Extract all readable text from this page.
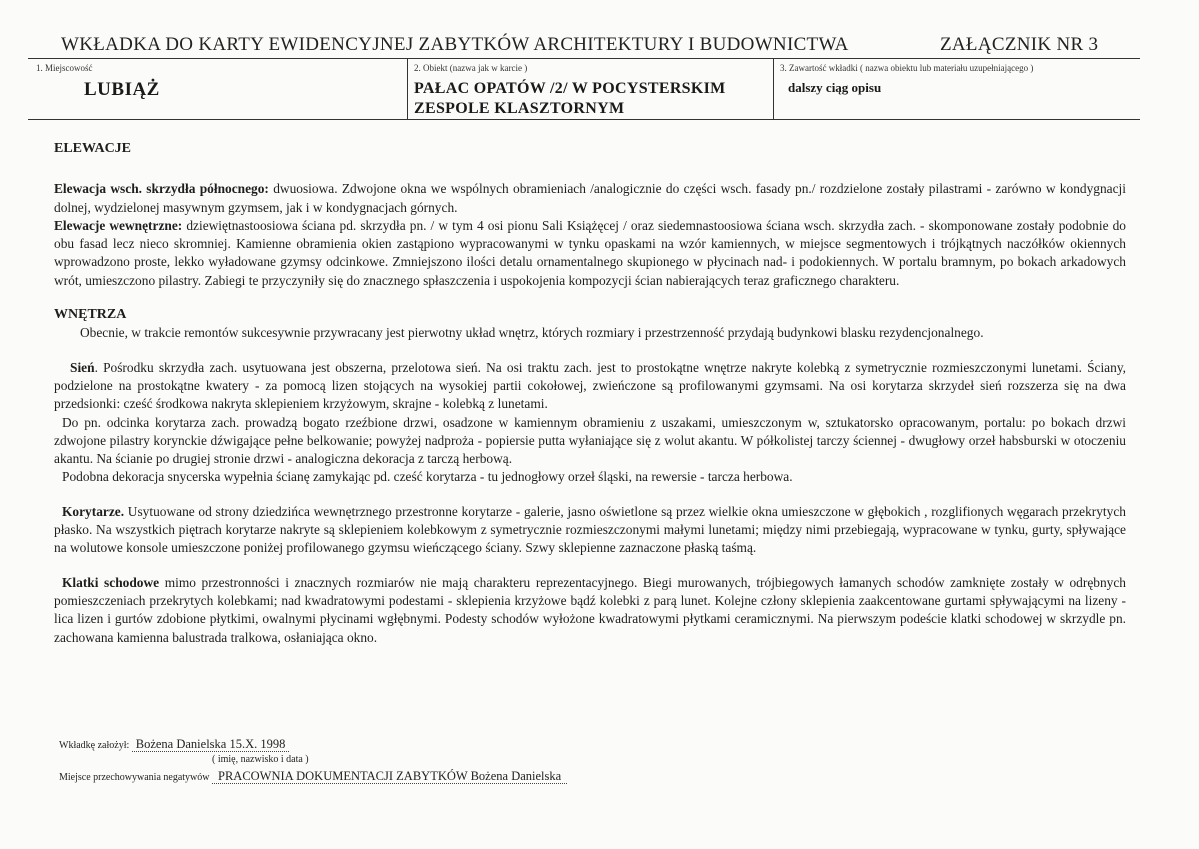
WKŁADKA DO KARTY EWIDENCYJNEJ ZABYTKÓW ARCHITEKTURY I BUDOWNICTWA	ZAŁĄCZNIK NR 3
1. Miejscowość
LUBIĄŻ
2. Obiekt (nazwa jak w karcie )
PAŁAC OPATÓW /2/ W POCYSTERSKIM
ZESPOLE KLASZTORNYM
3. Zawartość wkładki ( nazwa obiektu lub materiału uzupełniającego )
dalszy ciąg opisu

ELEWACJE

Elewacja wsch. skrzydła północnego: dwuosiowa. Zdwojone okna we wspólnych obramieniach /analogicznie do części wsch. fasady pn./ rozdzielone zostały pilastrami - zarówno w kondygnacji dolnej, wydzielonej masywnym gzymsem, jak i w kondygnacjach górnych.

Elewacje wewnętrzne: dziewiętnastoosiowa ściana pd. skrzydła pn. / w tym 4 osi pionu Sali Książęcej / oraz siedemnastoosiowa ściana wsch. skrzydła zach. - skomponowane zostały podobnie do obu fasad lecz nieco skromniej. Kamienne obramienia okien zastąpiono wypracowanymi w tynku opaskami na wzór kamiennych, w miejsce segmentowych i trójkątnych naczółków okiennych wprowadzono proste, lekko wyładowane gzymsy odcinkowe. Zmniejszono ilości detalu ornamentalnego skupionego w płycinach nad- i podokiennych. W portalu bramnym, po bokach arkadowych wrót, umieszczono pilastry. Zabiegi te przyczyniły się do znacznego spłaszczenia i uspokojenia kompozycji ścian nabierających teraz graficznego charakteru.

WNĘTRZA

Obecnie, w trakcie remontów sukcesywnie przywracany jest pierwotny układ wnętrz, których rozmiary i przestrzenność przydają budynkowi blasku rezydencjonalnego.

Sień. Pośrodku skrzydła zach. usytuowana jest obszerna, przelotowa sień. Na osi traktu zach. jest to prostokątne wnętrze nakryte kolebką z symetrycznie rozmieszczonymi lunetami. Ściany, podzielone na prostokątne kwatery - za pomocą lizen stojących na wysokiej partii cokołowej, zwieńczone są profilowanymi gzymsami. Na osi korytarza skrzydeł sień rozszerza się na dwa przedsionki: cześć środkowa nakryta sklepieniem krzyżowym, skrajne - kolebką z lunetami.

Do pn. odcinka korytarza zach. prowadzą bogato rzeźbione drzwi, osadzone w kamiennym obramieniu z uszakami, umieszczonym w, sztukatorsko opracowanym, portalu: po bokach drzwi zdwojone pilastry korynckie dźwigające pełne belkowanie; powyżej nadproża - popiersie putta wyłaniające się z wolut akantu. W półkolistej tarczy ściennej - dwugłowy orzeł habsburski w otoczeniu akantu. Na ścianie po drugiej stronie drzwi - analogiczna dekoracja z tarczą herbową.

Podobna dekoracja snycerska wypełnia ścianę zamykając pd. cześć korytarza - tu jednogłowy orzeł śląski, na rewersie - tarcza herbowa.

Korytarze. Usytuowane od strony dziedzińca wewnętrznego przestronne korytarze - galerie, jasno oświetlone są przez wielkie okna umieszczone w głębokich , rozglifionych węgarach przekrytych płasko. Na wszystkich piętrach korytarze nakryte są sklepieniem kolebkowym z symetrycznie rozmieszczonymi małymi lunetami; między nimi przebiegają, wypracowane w tynku, gurty, spływające na wolutowe konsole umieszczone poniżej profilowanego gzymsu wieńczącego ściany. Szwy sklepienne zaznaczone płaską taśmą.

Klatki schodowe mimo przestronności i znacznych rozmiarów nie mają charakteru reprezentacyjnego. Biegi murowanych, trójbiegowych łamanych schodów zamknięte zostały w odrębnych pomieszczeniach przekrytych kolebkami; nad kwadratowymi podestami - sklepienia krzyżowe bądź kolebki z parą lunet. Kolejne człony sklepienia zaakcentowane gurtami spływającymi na lizeny - lica lizen i gurtów zdobione płytkimi, owalnymi płycinami wgłębnymi. Podesty schodów wyłożone kwadratowymi płytkami ceramicznymi. Na pierwszym podeście klatki schodowej w skrzydle pn. zachowana kamienna balustrada tralkowa, osłaniająca okno.

Wkładkę założył: Bożena Danielska 15.X. 1998
( imię, nazwisko i data )
Miejsce przechowywania negatywów PRACOWNIA DOKUMENTACJI ZABYTKÓW Bożena Danielska
